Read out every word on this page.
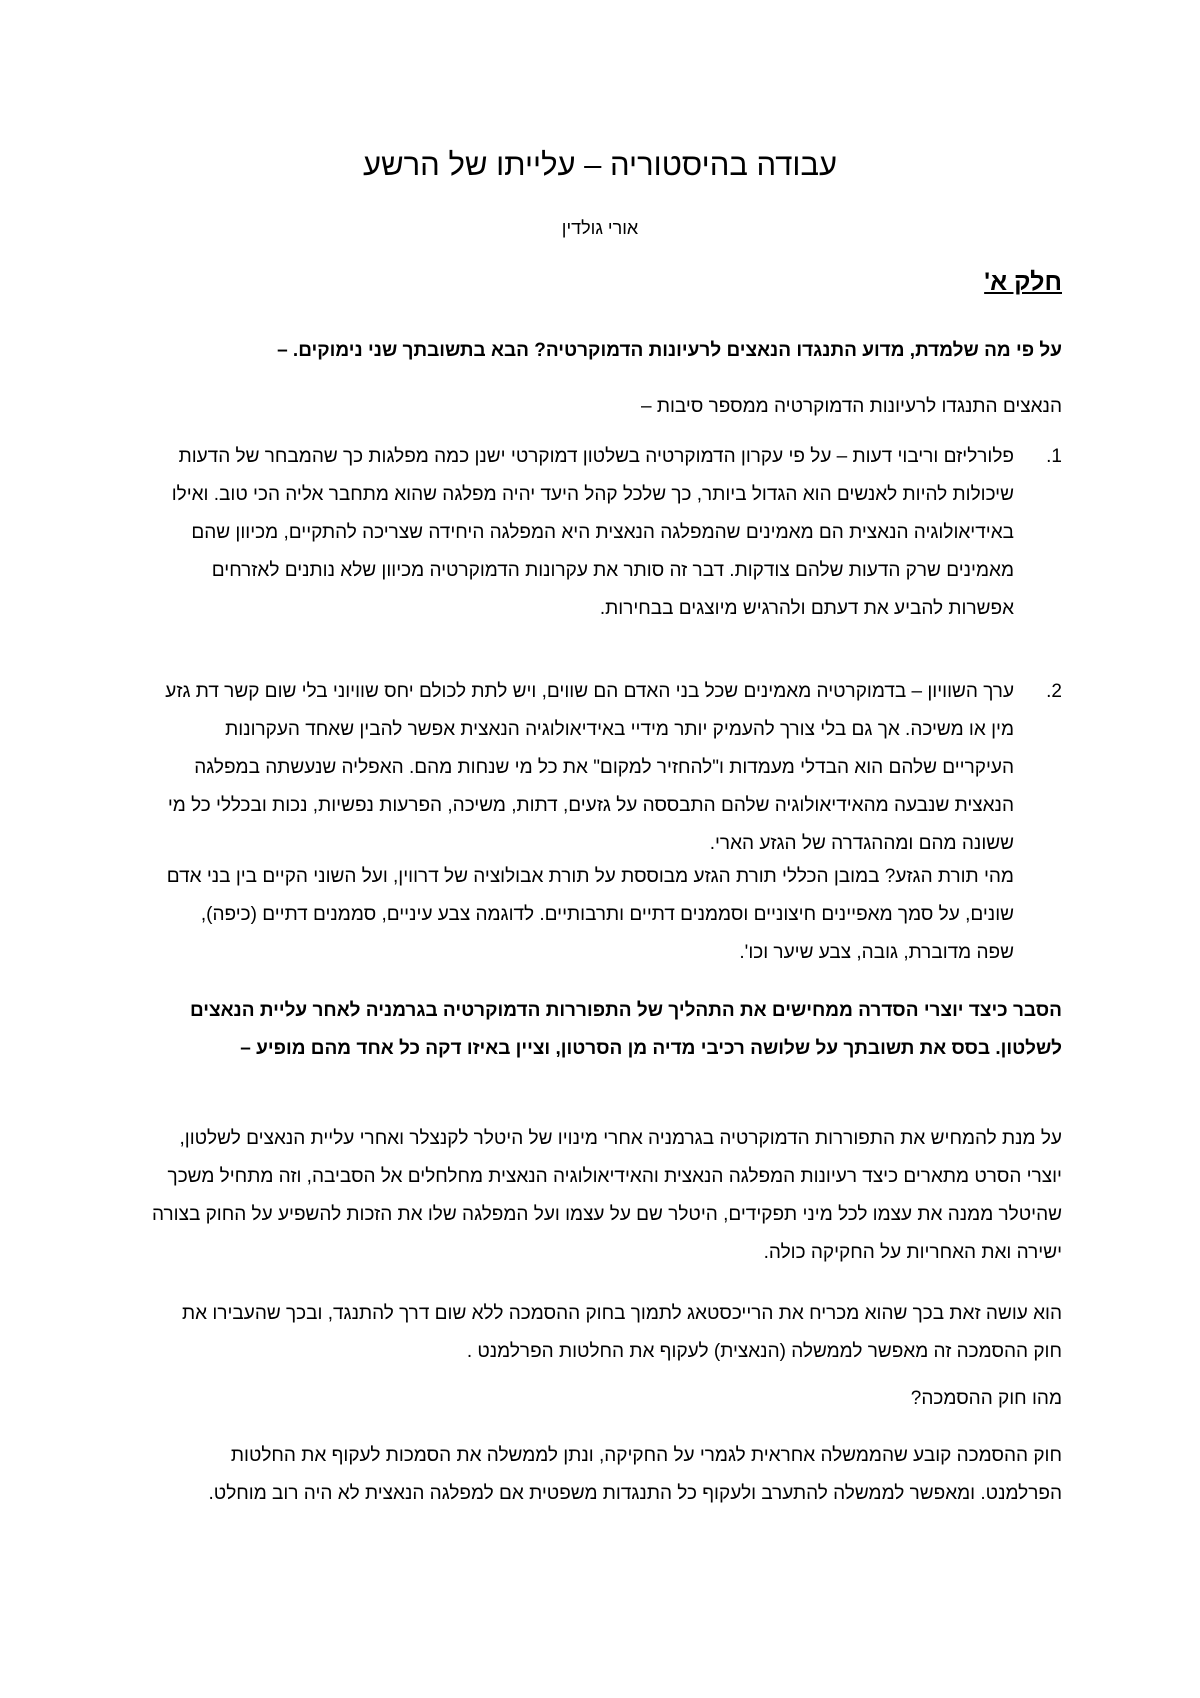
עבודה בהיסטוריה – עלייתו של הרשע

אורי גולדין

חלק א'

על פי מה שלמדת, מדוע התנגדו הנאצים לרעיונות הדמוקרטיה? הבא בתשובתך שני נימוקים. –

הנאצים התנגדו לרעיונות הדמוקרטיה ממספר סיבות –

1.

פלורליזם וריבוי דעות – על פי עקרון הדמוקרטיה בשלטון דמוקרטי ישנן כמה מפלגות כך שהמבחר של הדעות שיכולות להיות לאנשים הוא הגדול ביותר, כך שלכל קהל היעד יהיה מפלגה שהוא מתחבר אליה הכי טוב. ואילו באידיאולוגיה הנאצית הם מאמינים שהמפלגה הנאצית היא המפלגה היחידה שצריכה להתקיים, מכיוון שהם מאמינים שרק הדעות שלהם צודקות. דבר זה סותר את עקרונות הדמוקרטיה מכיוון שלא נותנים לאזרחים אפשרות להביע את דעתם ולהרגיש מיוצגים בבחירות.

2.

ערך השוויון – בדמוקרטיה מאמינים שכל בני האדם הם שווים, ויש לתת לכולם יחס שוויוני בלי שום קשר דת גזע מין או משיכה. אך גם בלי צורך להעמיק יותר מידיי באידיאולוגיה הנאצית אפשר להבין שאחד העקרונות העיקריים שלהם הוא הבדלי מעמדות ו"להחזיר למקום" את כל מי שנחות מהם. האפליה שנעשתה במפלגה הנאצית שנבעה מהאידיאולוגיה שלהם התבססה על גזעים, דתות, משיכה, הפרעות נפשיות, נכות ובכללי כל מי ששונה מהם ומההגדרה של הגזע הארי.

מהי תורת הגזע? במובן הכללי תורת הגזע מבוססת על תורת אבולוציה של דרווין, ועל השוני הקיים בין בני אדם שונים, על סמך מאפיינים חיצוניים וסממנים דתיים ותרבותיים. לדוגמה צבע עיניים, סממנים דתיים (כיפה), שפה מדוברת, גובה, צבע שיער וכו'.

הסבר כיצד יוצרי הסדרה ממחישים את התהליך של התפוררות הדמוקרטיה בגרמניה לאחר עליית הנאצים לשלטון. בסס את תשובתך על שלושה רכיבי מדיה מן הסרטון, וציין באיזו דקה כל אחד מהם מופיע –

על מנת להמחיש את התפוררות הדמוקרטיה בגרמניה אחרי מינויו של היטלר לקנצלר ואחרי עליית הנאצים לשלטון, יוצרי הסרט מתארים כיצד רעיונות המפלגה הנאצית והאידיאולוגיה הנאצית מחלחלים אל הסביבה, וזה מתחיל משכך שהיטלר ממנה את עצמו לכל מיני תפקידים, היטלר שם על עצמו ועל המפלגה שלו את הזכות להשפיע על החוק בצורה ישירה ואת האחריות על החקיקה כולה.

הוא עושה זאת בכך שהוא מכריח את הרייכסטאג לתמוך בחוק ההסמכה ללא שום דרך להתנגד, ובכך שהעבירו את חוק ההסמכה זה מאפשר לממשלה (הנאצית) לעקוף את החלטות הפרלמנט .

מהו חוק ההסמכה?

חוק ההסמכה קובע שהממשלה אחראית לגמרי על החקיקה, ונתן לממשלה את הסמכות לעקוף את החלטות הפרלמנט. ומאפשר לממשלה להתערב ולעקוף כל התנגדות משפטית אם למפלגה הנאצית לא היה רוב מוחלט.
